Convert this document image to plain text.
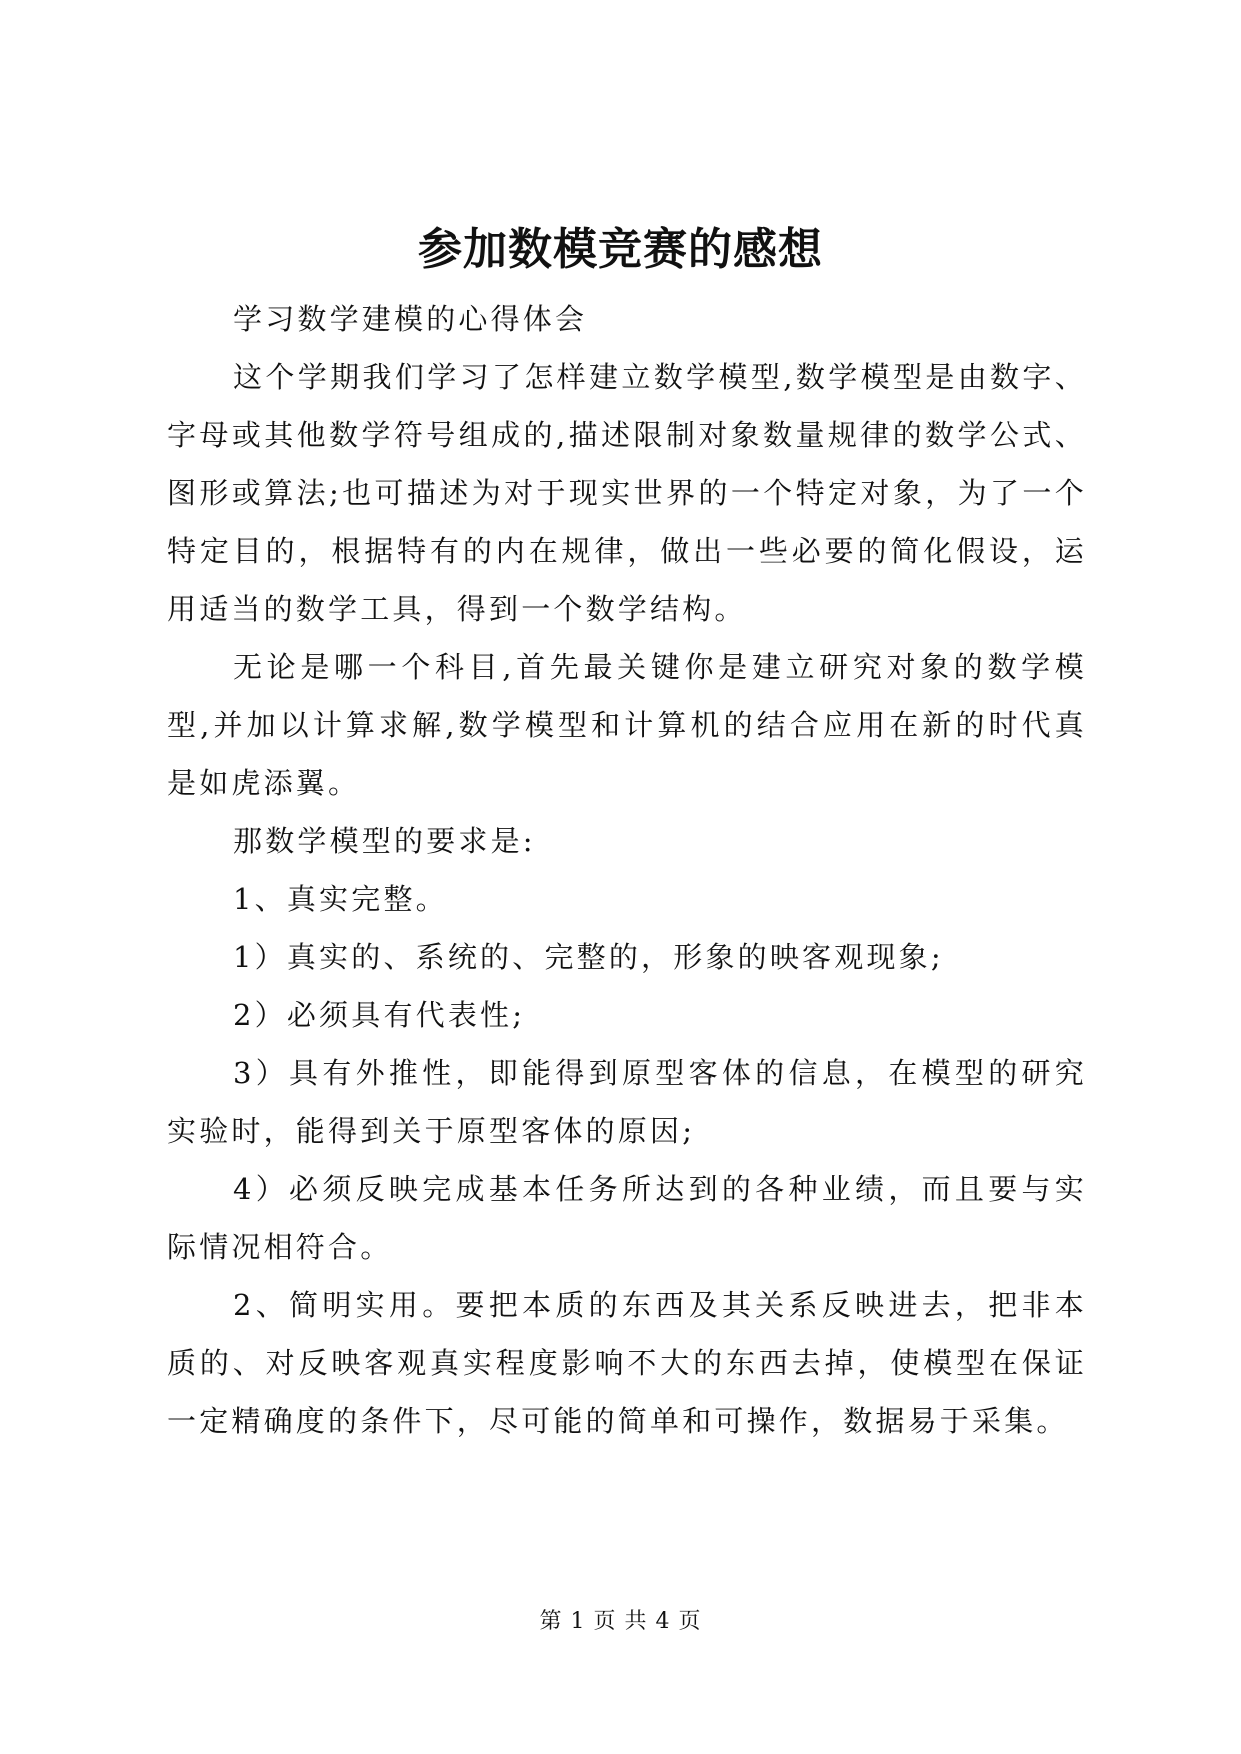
参加数模竞赛的感想

学习数学建模的心得体会

这个学期我们学习了怎样建立数学模型,数学模型是由数字、字母或其他数学符号组成的,描述限制对象数量规律的数学公式、图形或算法;也可描述为对于现实世界的一个特定对象，为了一个特定目的，根据特有的内在规律，做出一些必要的简化假设，运用适当的数学工具，得到一个数学结构。

无论是哪一个科目,首先最关键你是建立研究对象的数学模型,并加以计算求解,数学模型和计算机的结合应用在新的时代真是如虎添翼。

那数学模型的要求是:

1、真实完整。

1）真实的、系统的、完整的，形象的映客观现象;

2）必须具有代表性;

3）具有外推性，即能得到原型客体的信息，在模型的研究实验时，能得到关于原型客体的原因;

4）必须反映完成基本任务所达到的各种业绩，而且要与实际情况相符合。

2、简明实用。要把本质的东西及其关系反映进去，把非本质的、对反映客观真实程度影响不大的东西去掉，使模型在保证一定精确度的条件下，尽可能的简单和可操作，数据易于采集。

第 1 页 共 4 页
